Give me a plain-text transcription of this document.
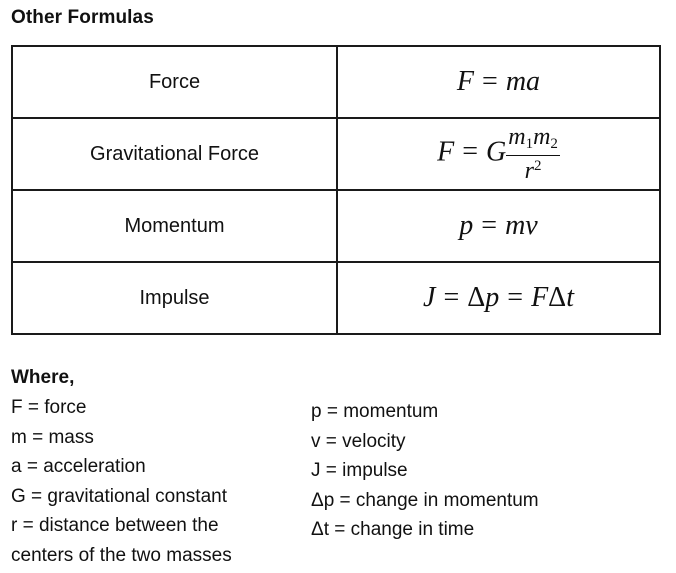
Other Formulas
Force	F = ma
Gravitational Force	F = G $\frac{m_1m_2}{r^2}$

Momentum	p = mv
Impulse	J = Δp = FΔt
Where,
F = force
m = mass
a = acceleration
G = gravitational constant
r = distance between the
centers of the two masses
p = momentum
v = velocity
J = impulse
Δp = change in momentum
Δt = change in time
